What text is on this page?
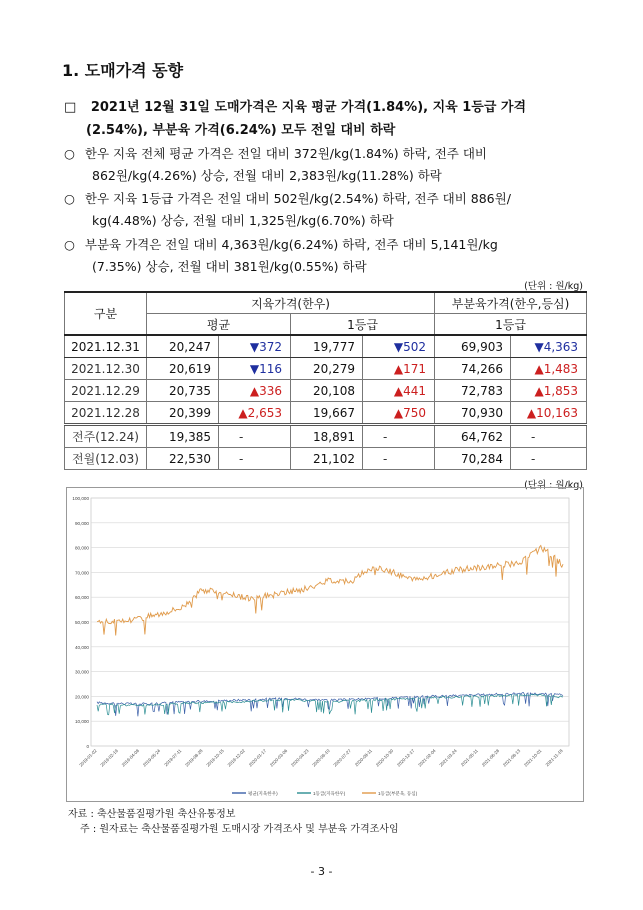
1. 도매가격 동향
□ 2021년 12월 31일 도매가격은 지육 평균 가격(1.84%), 지육 1등급 가격
(2.54%), 부분육 가격(6.24%) 모두 전일 대비 하락
○ 한우 지육 전체 평균 가격은 전일 대비 372원/kg(1.84%) 하락, 전주 대비
862원/kg(4.26%) 상승, 전월 대비 2,383원/kg(11.28%) 하락
○ 한우 지육 1등급 가격은 전일 대비 502원/kg(2.54%) 하락, 전주 대비 886원/
kg(4.48%) 상승, 전월 대비 1,325원/kg(6.70%) 하락
○ 부분육 가격은 전일 대비 4,363원/kg(6.24%) 하락, 전주 대비 5,141원/kg
(7.35%) 상승, 전월 대비 381원/kg(0.55%) 하락
(단위 : 원/kg)
구분	지육가격(한우)				부분육가격(한우,등심)	
	평균		1등급		1등급	
2021.12.31	20,247	▼372	19,777	▼502	69,903	▼4,363
2021.12.30	20,619	▼116	20,279	▲171	74,266	▲1,483
2021.12.29	20,735	▲336	20,108	▲441	72,783	▲1,853
2021.12.28	20,399	▲2,653	19,667	▲750	70,930	▲10,163
전주(12.24)	19,385	-	18,891	-	64,762	-
전월(12.03)	22,530	-	21,102	-	70,284	-
(단위 : 원/kg)
0
10,000
20,000
30,000
40,000
50,000
60,000
70,000
80,000
90,000
100,000
2019-01-02 2019-02-19 2019-04-08 2019-05-24 2019-07-11 2019-08-28 2019-10-15 2019-12-02 2020-01-17 2020-03-06 2020-04-23 2020-06-10 2020-07-27 2020-09-11 2020-10-30 2020-12-17 2021-02-04 2021-03-24 2021-05-11 2021-06-28 2021-08-13 2021-10-01 2021-11-18
평균(지육한우)	1등급(지육한우)	1등급(부분육, 등심)
자료 : 축산물품질평가원 축산유통정보
주 : 원자료는 축산물품질평가원 도매시장 가격조사 및 부분육 가격조사임
- 3 -
